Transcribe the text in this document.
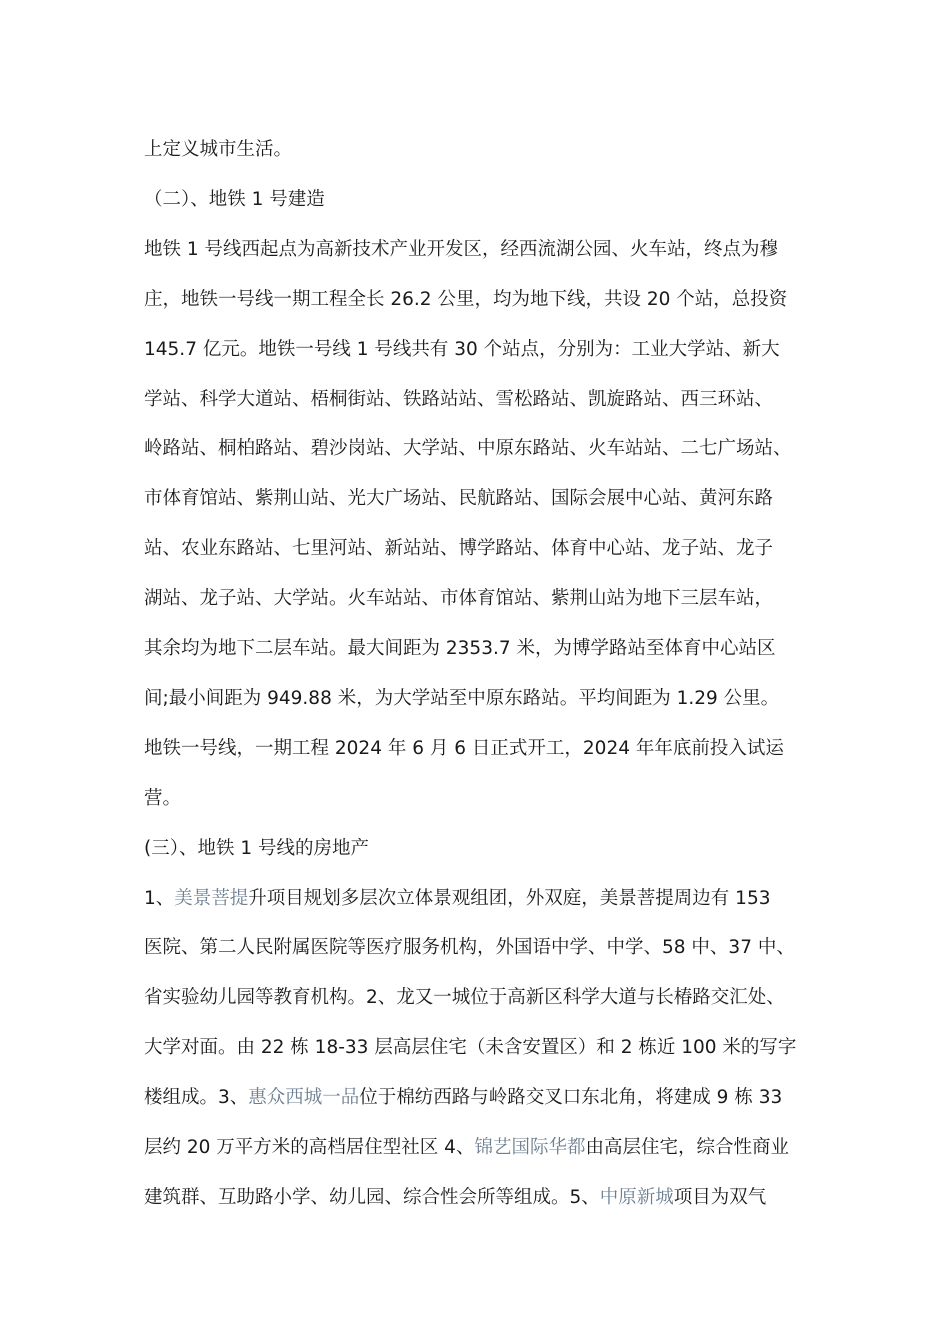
上定义城市生活。
（二）、地铁 1 号建造
地铁 1 号线西起点为高新技术产业开发区，经西流湖公园、火车站，终点为穆
庄，地铁一号线一期工程全长 26.2 公里，均为地下线，共设 20 个站，总投资
145.7 亿元。地铁一号线 1 号线共有 30 个站点，分别为：工业大学站、新大
学站、科学大道站、梧桐街站、铁路站站、雪松路站、凯旋路站、西三环站、
岭路站、桐柏路站、碧沙岗站、大学站、中原东路站、火车站站、二七广场站、
市体育馆站、紫荆山站、光大广场站、民航路站、国际会展中心站、黄河东路
站、农业东路站、七里河站、新站站、博学路站、体育中心站、龙子站、龙子
湖站、龙子站、大学站。火车站站、市体育馆站、紫荆山站为地下三层车站，
其余均为地下二层车站。最大间距为 2353.7 米，为博学路站至体育中心站区
间;最小间距为 949.88 米，为大学站至中原东路站。平均间距为 1.29 公里。
地铁一号线，一期工程 2024 年 6 月 6 日正式开工，2024 年年底前投入试运
营。
(三）、地铁 1 号线的房地产
1、美景菩提升项目规划多层次立体景观组团，外双庭，美景菩提周边有 153
医院、第二人民附属医院等医疗服务机构，外国语中学、中学、58 中、37 中、
省实验幼儿园等教育机构。2、龙又一城位于高新区科学大道与长椿路交汇处、
大学对面。由 22 栋 18-33 层高层住宅（未含安置区）和 2 栋近 100 米的写字
楼组成。3、惠众西城一品位于棉纺西路与岭路交叉口东北角，将建成 9 栋 33
层约 20 万平方米的高档居住型社区 4、锦艺国际华都由高层住宅，综合性商业
建筑群、互助路小学、幼儿园、综合性会所等组成。5、中原新城项目为双气
